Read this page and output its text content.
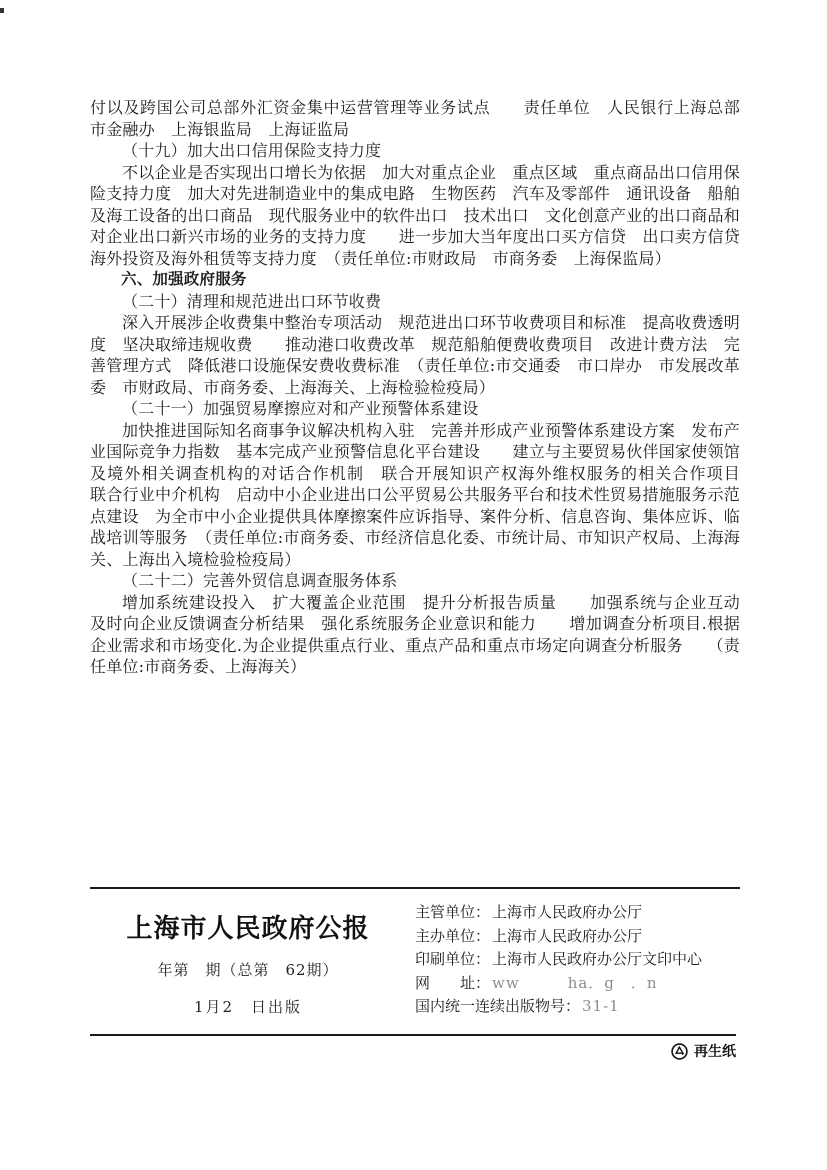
付以及跨国公司总部外汇资金集中运营管理等业务试点　　责任单位　人民银行上海总部　市金融办　上海银监局　上海证监局

（十九）加大出口信用保险支持力度

不以企业是否实现出口增长为依据　加大对重点企业　重点区域　重点商品出口信用保险支持力度　加大对先进制造业中的集成电路　生物医药　汽车及零部件　通讯设备　船舶及海工设备的出口商品　现代服务业中的软件出口　技术出口　文化创意产业的出口商品和对企业出口新兴市场的业务的支持力度　　进一步加大当年度出口买方信贷　出口卖方信贷　海外投资及海外租赁等支持力度　（责任单位:市财政局　市商务委　上海保监局）

六、加强政府服务

（二十）清理和规范进出口环节收费

深入开展涉企收费集中整治专项活动　规范进出口环节收费项目和标准　提高收费透明度　坚决取缔违规收费　　推动港口收费改革　规范船舶便费收费项目　改进计费方法　完善管理方式　降低港口设施保安费收费标准　（责任单位:市交通委　市口岸办　市发展改革委　市财政局、市商务委、上海海关、上海检验检疫局）

（二十一）加强贸易摩擦应对和产业预警体系建设

加快推进国际知名商事争议解决机构入驻　完善并形成产业预警体系建设方案　发布产业国际竞争力指数　基本完成产业预警信息化平台建设　　建立与主要贸易伙伴国家使领馆及境外相关调查机构的对话合作机制　联合开展知识产权海外维权服务的相关合作项目　　联合行业中介机构　启动中小企业进出口公平贸易公共服务平台和技术性贸易措施服务示范点建设　为全市中小企业提供具体摩擦案件应诉指导、案件分析、信息咨询、集体应诉、临战培训等服务　（责任单位:市商务委、市经济信息化委、市统计局、市知识产权局、上海海关、上海出入境检验检疫局）

（二十二）完善外贸信息调查服务体系

增加系统建设投入　扩大覆盖企业范围　提升分析报告质量　　加强系统与企业互动　及时向企业反馈调查分析结果　强化系统服务企业意识和能力　　增加调查分析项目.根据企业需求和市场变化.为企业提供重点行业、重点产品和重点市场定向调查分析服务　　（责任单位:市商务委、上海海关）

上海市人民政府公报
年第　期（总第　62期）
1月2　日出版
主管单位： 上海市人民政府办公厅
主办单位： 上海市人民政府办公厅
印刷单位： 上海市人民政府办公厅文印中心
网　　址： ww　　　ha．g　．n
国内统一连续出版物号： 31-1
再生纸
